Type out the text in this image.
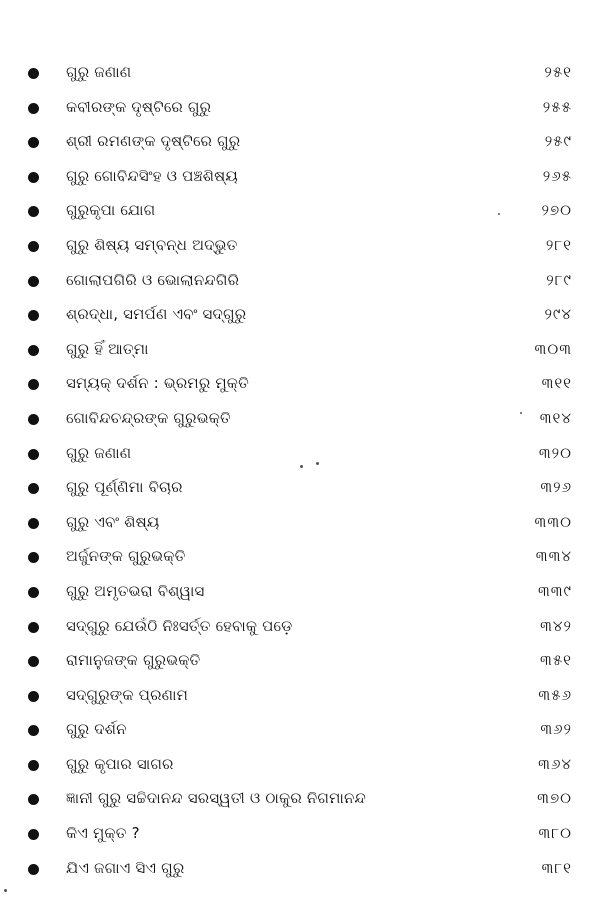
ଗୁରୁ ଜଣାଣ	୨୫୧
କବୀରଙ୍କ ଦୃଷ୍ଟିରେ ଗୁରୁ	୨୫୫
ଶ୍ରୀ ରମଣଙ୍କ ଦୃଷ୍ଟିରେ ଗୁରୁ	୨୫୯
ଗୁରୁ ଗୋବିନ୍ଦସିଂହ ଓ ପଞ୍ଚଶିଷ୍ୟ	୨୬୫
ଗୁରୁକୃପା ଯୋଗ	୨୭୦
ଗୁରୁ ଶିଷ୍ୟ ସମ୍ବନ୍ଧ ଅଦ୍ଭୁତ	୨୮୧
ଗୋଲାପଗିରି ଓ ଭୋଲାନନ୍ଦଗିରି	୨୮୯
ଶ୍ରଦ୍ଧା, ସମର୍ପଣ ଏବଂ ସଦ୍‌ଗୁରୁ	୨୯୪
ଗୁରୁ ହିଁ ଆତ୍ମା	୩୦୩
ସମ୍ୟକ୍ ଦର୍ଶନ : ଭ୍ରମରୁ ମୁକ୍ତି	୩୧୧
ଗୋବିନ୍ଦଚନ୍ଦ୍ରଙ୍କ ଗୁରୁଭକ୍ତି	୩୧୪
ଗୁରୁ ଜଣାଣ	୩୨୦
ଗୁରୁ ପୂର୍ଣ୍ଣିମା ବିଚାର	୩୨୬
ଗୁରୁ ଏବଂ ଶିଷ୍ୟ	୩୩୦
ଅର୍ଜୁନଙ୍କ ଗୁରୁଭକ୍ତି	୩୩୪
ଗୁରୁ ଅମୃତଭରା ବିଶ୍ୱାସ	୩୩୯
ସଦ୍‌ଗୁରୁ ଯେଉଁଠି ନିଃସର୍ତ୍ତ ହେବାକୁ ପଡ଼େ	୩୪୨
ରାମାନୁଜଙ୍କ ଗୁରୁଭକ୍ତି	୩୫୧
ସଦ୍‌ଗୁରୁଙ୍କ ପ୍ରଣାମ	୩୫୬
ଗୁରୁ ଦର୍ଶନ	୩୬୨
ଗୁରୁ କୃପାର ସାଗର	୩୬୪
ଜ୍ଞାନୀ ଗୁରୁ ସଚ୍ଚିଦାନନ୍ଦ ସରସ୍ୱତୀ ଓ ଠାକୁର ନିଗମାନନ୍ଦ	୩୭୦
କିଏ ମୁକ୍ତ ?	୩୮୦
ଯିଏ ଜଗାଏ ସିଏ ଗୁରୁ	୩୮୧
